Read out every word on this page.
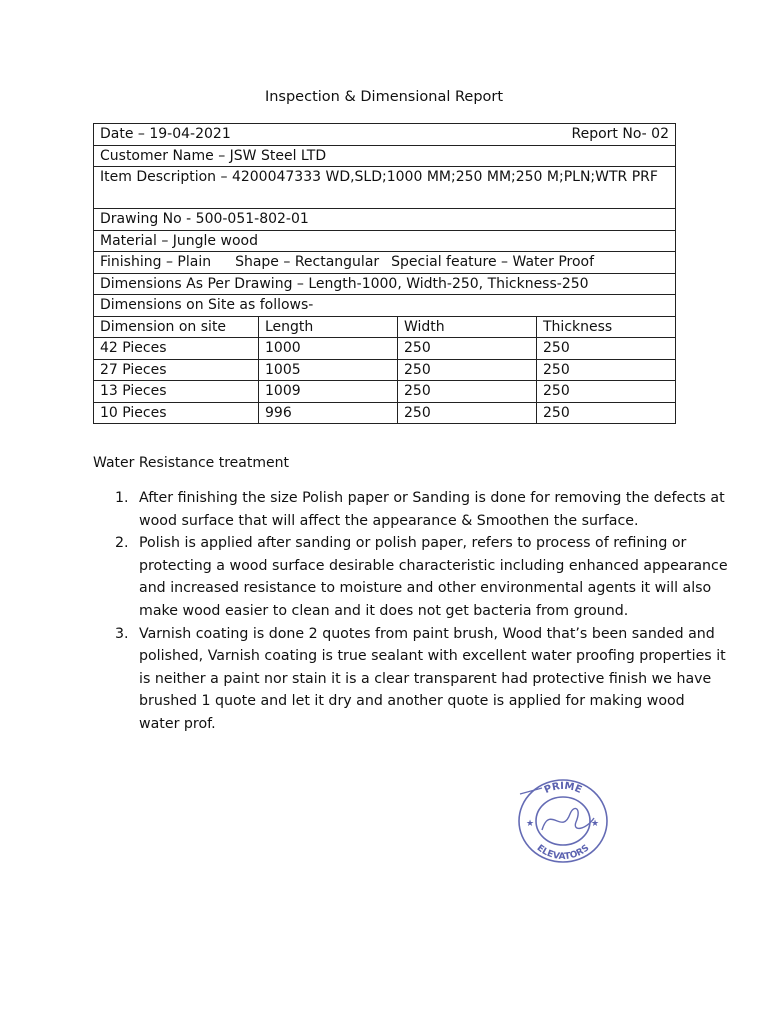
Inspection & Dimensional Report
Date – 19-04-2021 Report No- 02			

Customer Name – JSW Steel LTD			
Item Description – 4200047333 WD,SLD;1000 MM;250 MM;250 M;PLN;WTR PRF			
Drawing No - 500-051-802-01			
Material – Jungle wood			
Finishing – Plain Shape – Rectangular Special feature – Water Proof			
Dimensions As Per Drawing – Length-1000, Width-250, Thickness-250			
Dimensions on Site as follows-			
Dimension on site	Length	Width	Thickness
42 Pieces	1000	250	250
27 Pieces	1005	250	250
13 Pieces	1009	250	250
10 Pieces	996	250	250
Water Resistance treatment
1. After finishing the size Polish paper or Sanding is done for removing the defects at wood surface that will affect the appearance & Smoothen the surface.
2. Polish is applied after sanding or polish paper, refers to process of refining or protecting a wood surface desirable characteristic including enhanced appearance and increased resistance to moisture and other environmental agents it will also make wood easier to clean and it does not get bacteria from ground.
3. Varnish coating is done 2 quotes from paint brush, Wood that’s been sanded and polished, Varnish coating is true sealant with excellent water proofing properties it is neither a paint nor stain it is a clear transparent had protective finish we have brushed 1 quote and let it dry and another quote is applied for making wood water prof.
PRIME
ELEVATORS
★	★
